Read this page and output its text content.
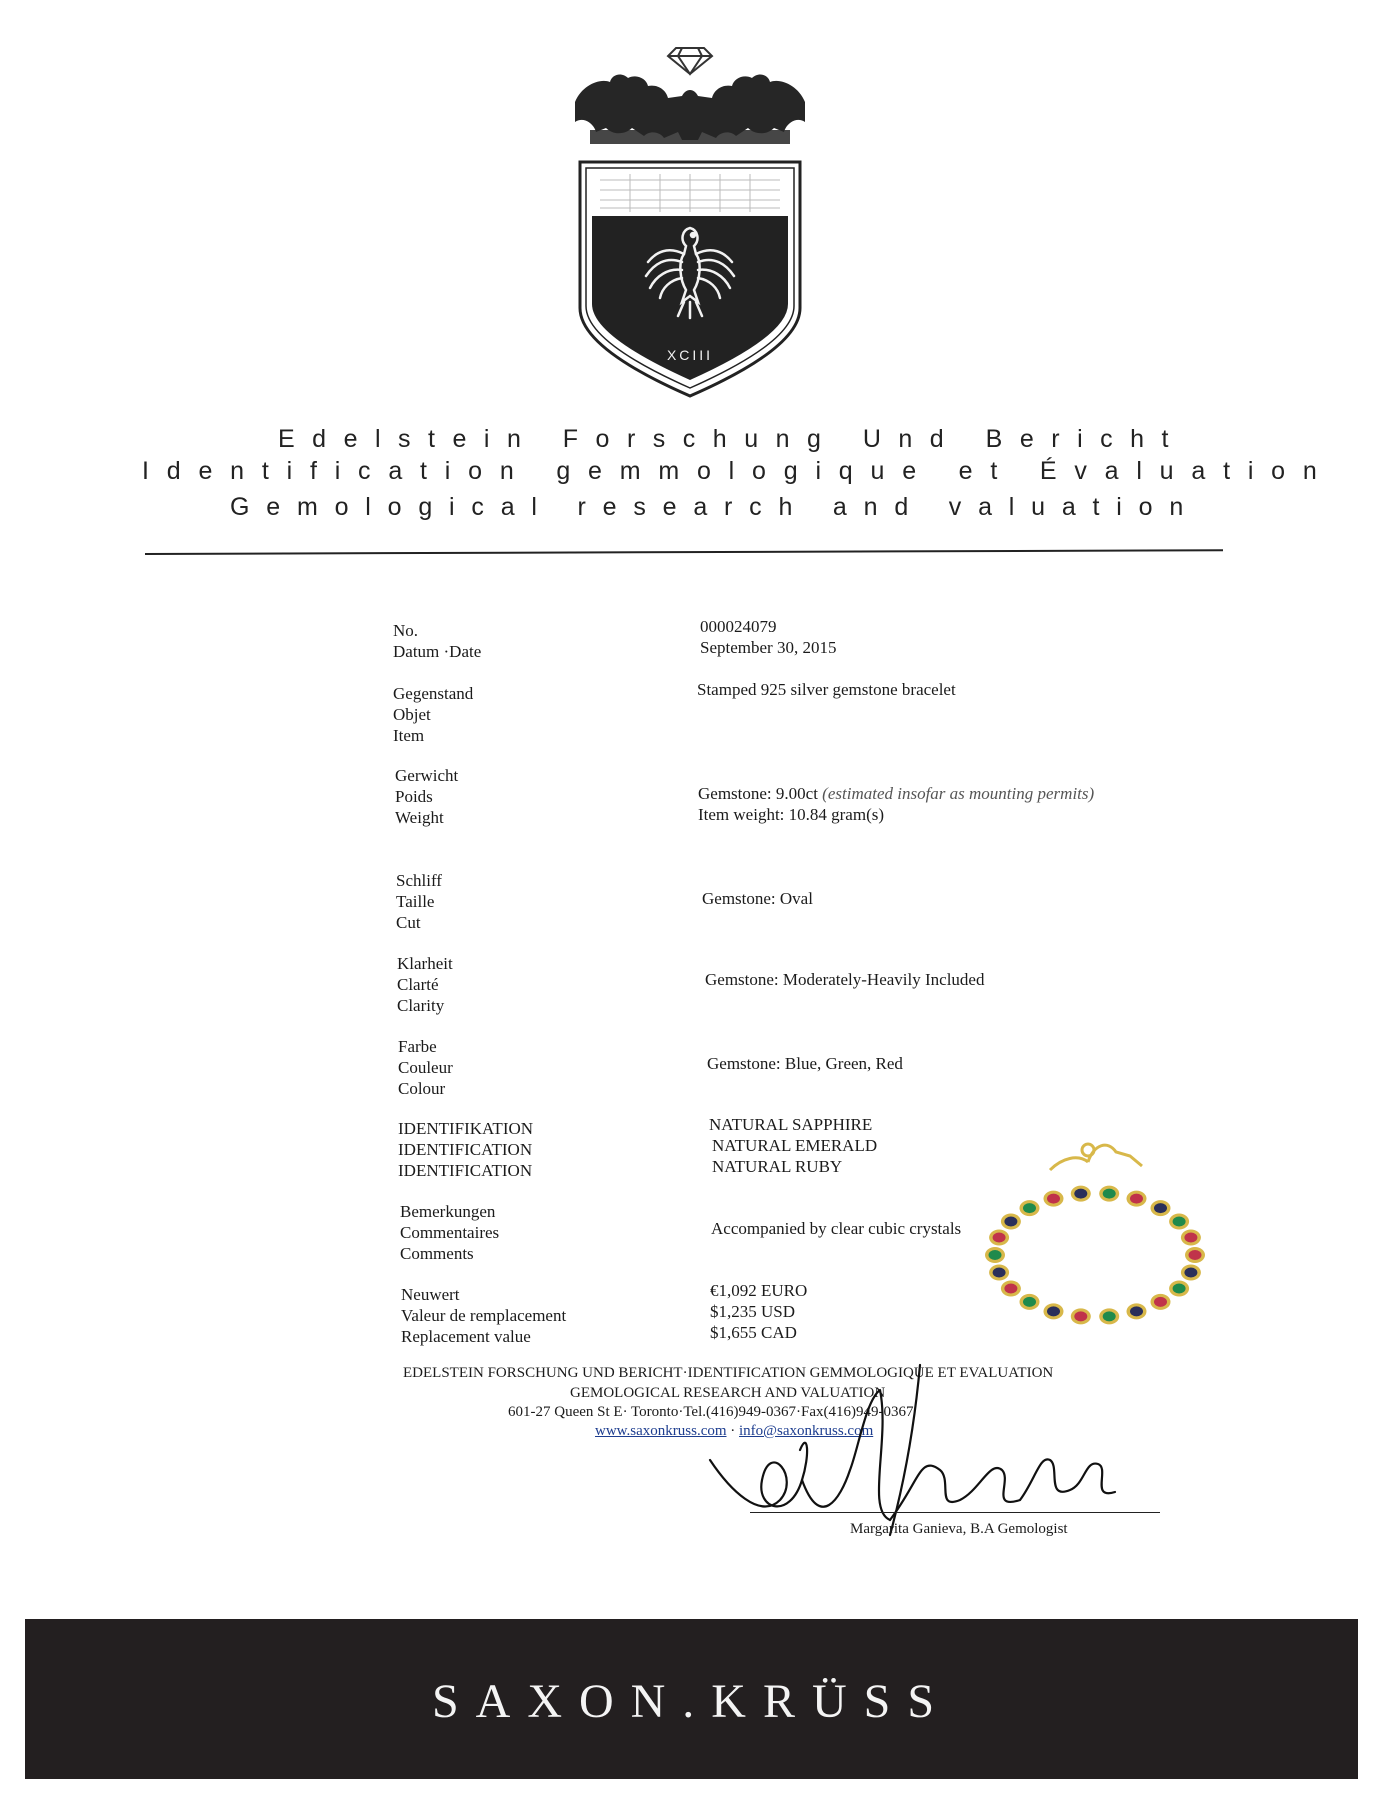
XCIII
Edelstein Forschung Und Bericht
Identification gemmologique et Évaluation
Gemological research and valuation
No.
Datum ·Date
000024079
September 30, 2015
Gegenstand
Objet
Item
Stamped 925 silver gemstone bracelet
Gerwicht
Poids
Weight
Gemstone: 9.00ct (estimated insofar as mounting permits)
Item weight: 10.84 gram(s)
Schliff
Taille
Cut
Gemstone: Oval
Klarheit
Clarté
Clarity
Gemstone: Moderately-Heavily Included
Farbe
Couleur
Colour
Gemstone: Blue, Green, Red
IDENTIFIKATION
IDENTIFICATION
IDENTIFICATION
NATURAL SAPPHIRE
NATURAL EMERALD
NATURAL RUBY
Bemerkungen
Commentaires
Comments
Accompanied by clear cubic crystals
Neuwert
Valeur de remplacement
Replacement value
€1,092 EURO
$1,235 USD
$1,655 CAD
EDELSTEIN FORSCHUNG UND BERICHT·IDENTIFICATION GEMMOLOGIQUE ET EVALUATION
GEMOLOGICAL RESEARCH AND VALUATION
601-27 Queen St E· Toronto·Tel.(416)949-0367·Fax(416)949-0367
www.saxonkruss.com · info@saxonkruss.com
Margarita Ganieva, B.A Gemologist
SAXON.KRÜSS
